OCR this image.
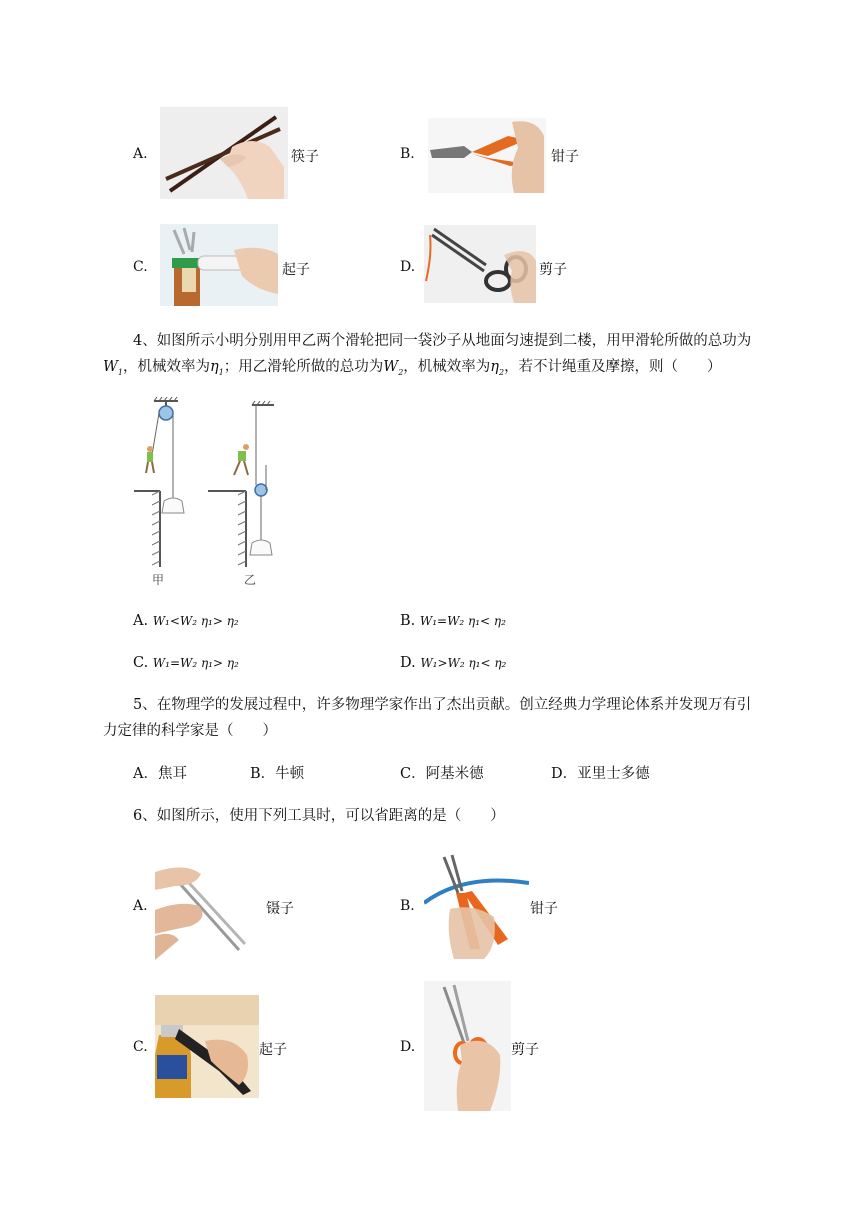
A.	筷子	B.	钳子
C.	起子	D.	剪子
4、如图所示小明分别用甲乙两个滑轮把同一袋沙子从地面匀速提到二楼，用甲滑轮所做的总功为
$W_1$，机械效率为$\eta_1$；用乙滑轮所做的总功为$W_2$，机械效率为$\eta_2$，若不计绳重及摩擦，则（　　）
甲	乙
A. W₁<W₂ η₁> η₂	B. W₁=W₂ η₁< η₂
C. W₁=W₂ η₁> η₂	D. W₁>W₂ η₁< η₂
5、在物理学的发展过程中，许多物理学家作出了杰出贡献。创立经典力学理论体系并发现万有引
力定律的科学家是（　　）
A．焦耳	B．牛顿	C．阿基米德	D．亚里士多德
6、如图所示，使用下列工具时，可以省距离的是（　　）
A.	镊子	B.	钳子
C.	起子	D.	剪子
